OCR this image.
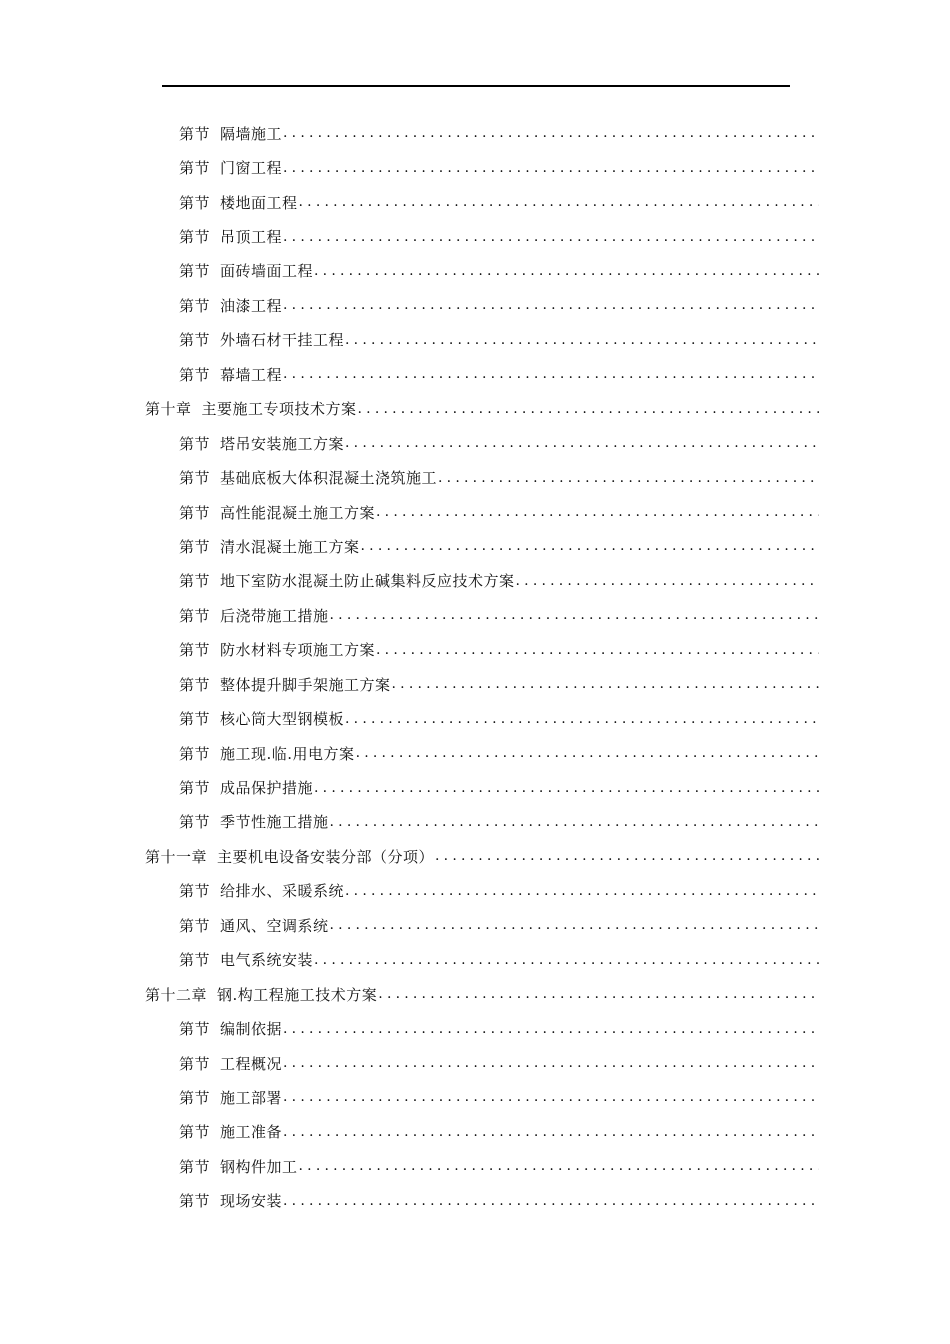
第节 隔墙施工
.....
第节 门窗工程
.....
第节 楼地面工程
.....
第节 吊顶工程
.....
第节 面砖墙面工程
.....
第节 油漆工程
.....
第节 外墙石材干挂工程
.....
第节 幕墙工程
.....
第十章 主要施工专项技术方案
.....
第节 塔吊安装施工方案
.....
第节 基础底板大体积混凝土浇筑施工
.....
第节 高性能混凝土施工方案
.....
第节 清水混凝土施工方案
.....
第节 地下室防水混凝土防止碱集料反应技术方案
.....
第节 后浇带施工措施
.....
第节 防水材料专项施工方案
.....
第节 整体提升脚手架施工方案
.....
第节 核心筒大型钢模板
.....
第节 施工现.临.用电方案
.....
第节 成品保护措施
.....
第节 季节性施工措施
.....
第十一章 主要机电设备安装分部（分项）
.....
第节 给排水、采暖系统
.....
第节 通风、空调系统
.....
第节 电气系统安装
.....
第十二章 钢.构工程施工技术方案
.....
第节 编制依据
.....
第节 工程概况
.....
第节 施工部署
.....
第节 施工准备
.....
第节 钢构件加工
.....
第节 现场安装
.....
